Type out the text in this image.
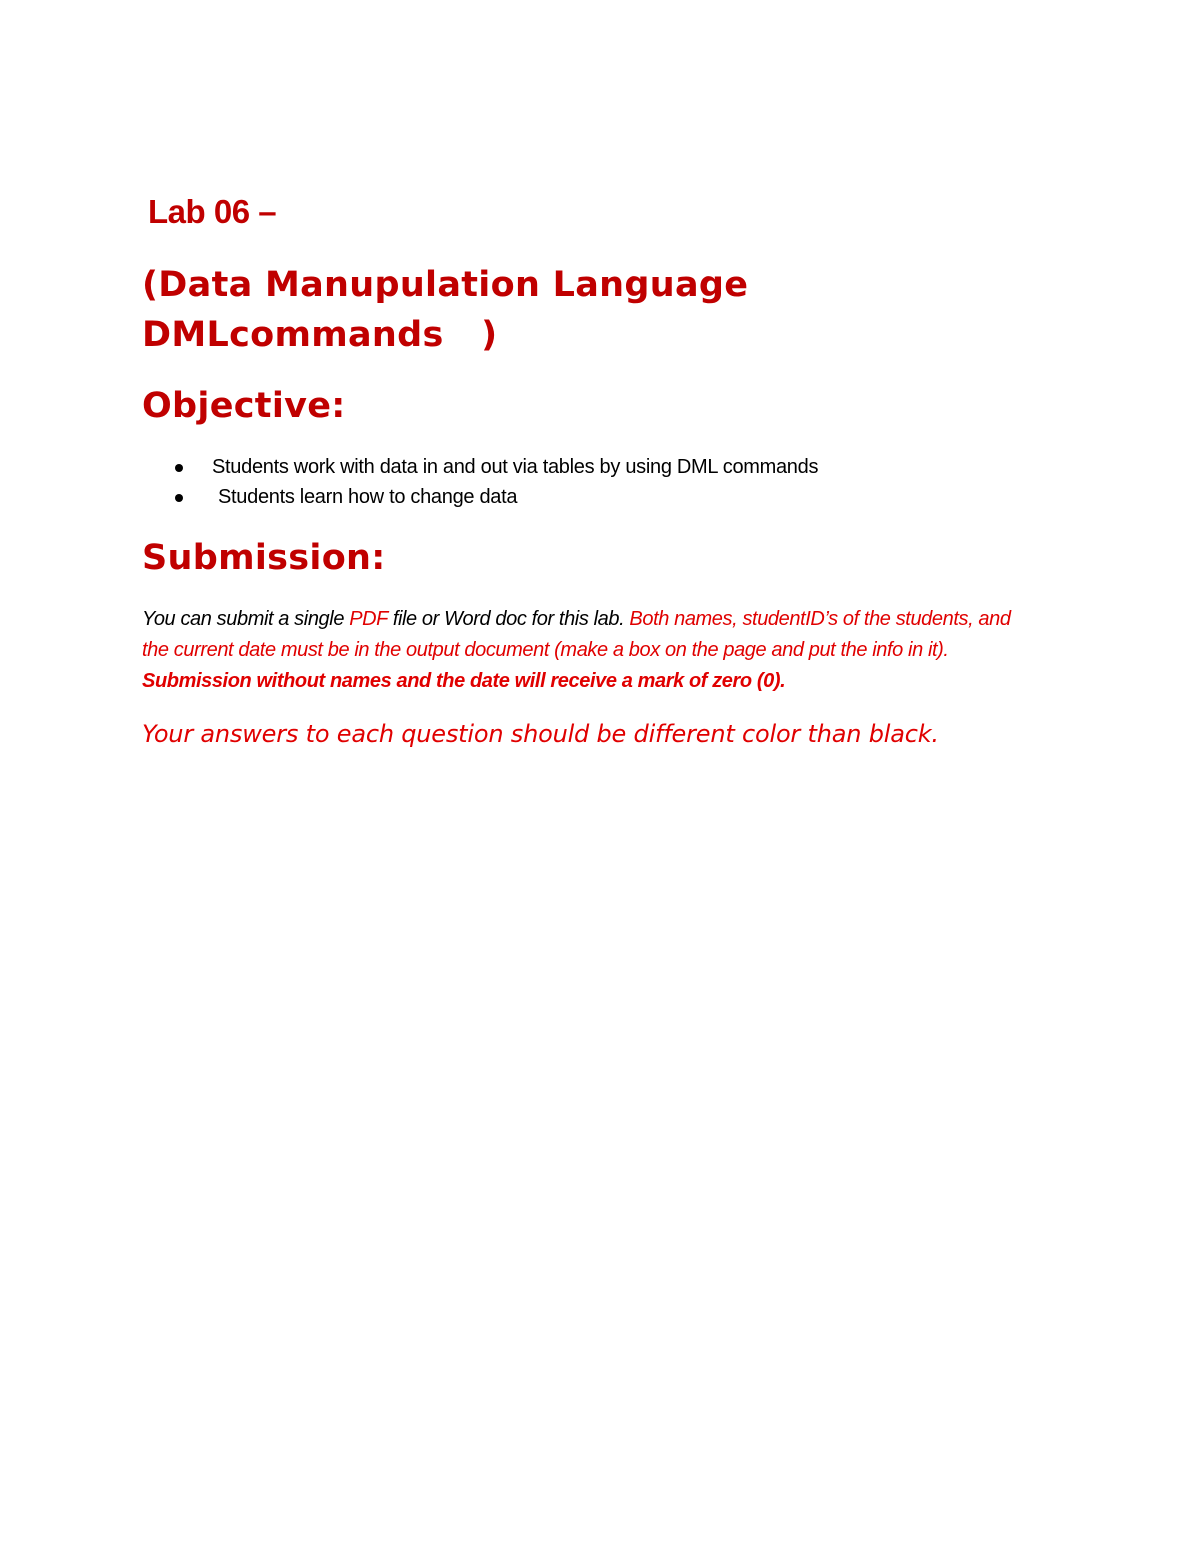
Lab 06 –
(Data Manupulation Language
DMLcommands   )
Objective:
Students work with data in and out via tables by using DML commands
Students learn how to change data
Submission:

You can submit a single PDF file or Word doc for this lab. Both names, studentID’s of the students, and the current date must be in the output document (make a box on the page and put the info in it). Submission without names and the date will receive a mark of zero (0).

Your answers to each question should be different color than black.
